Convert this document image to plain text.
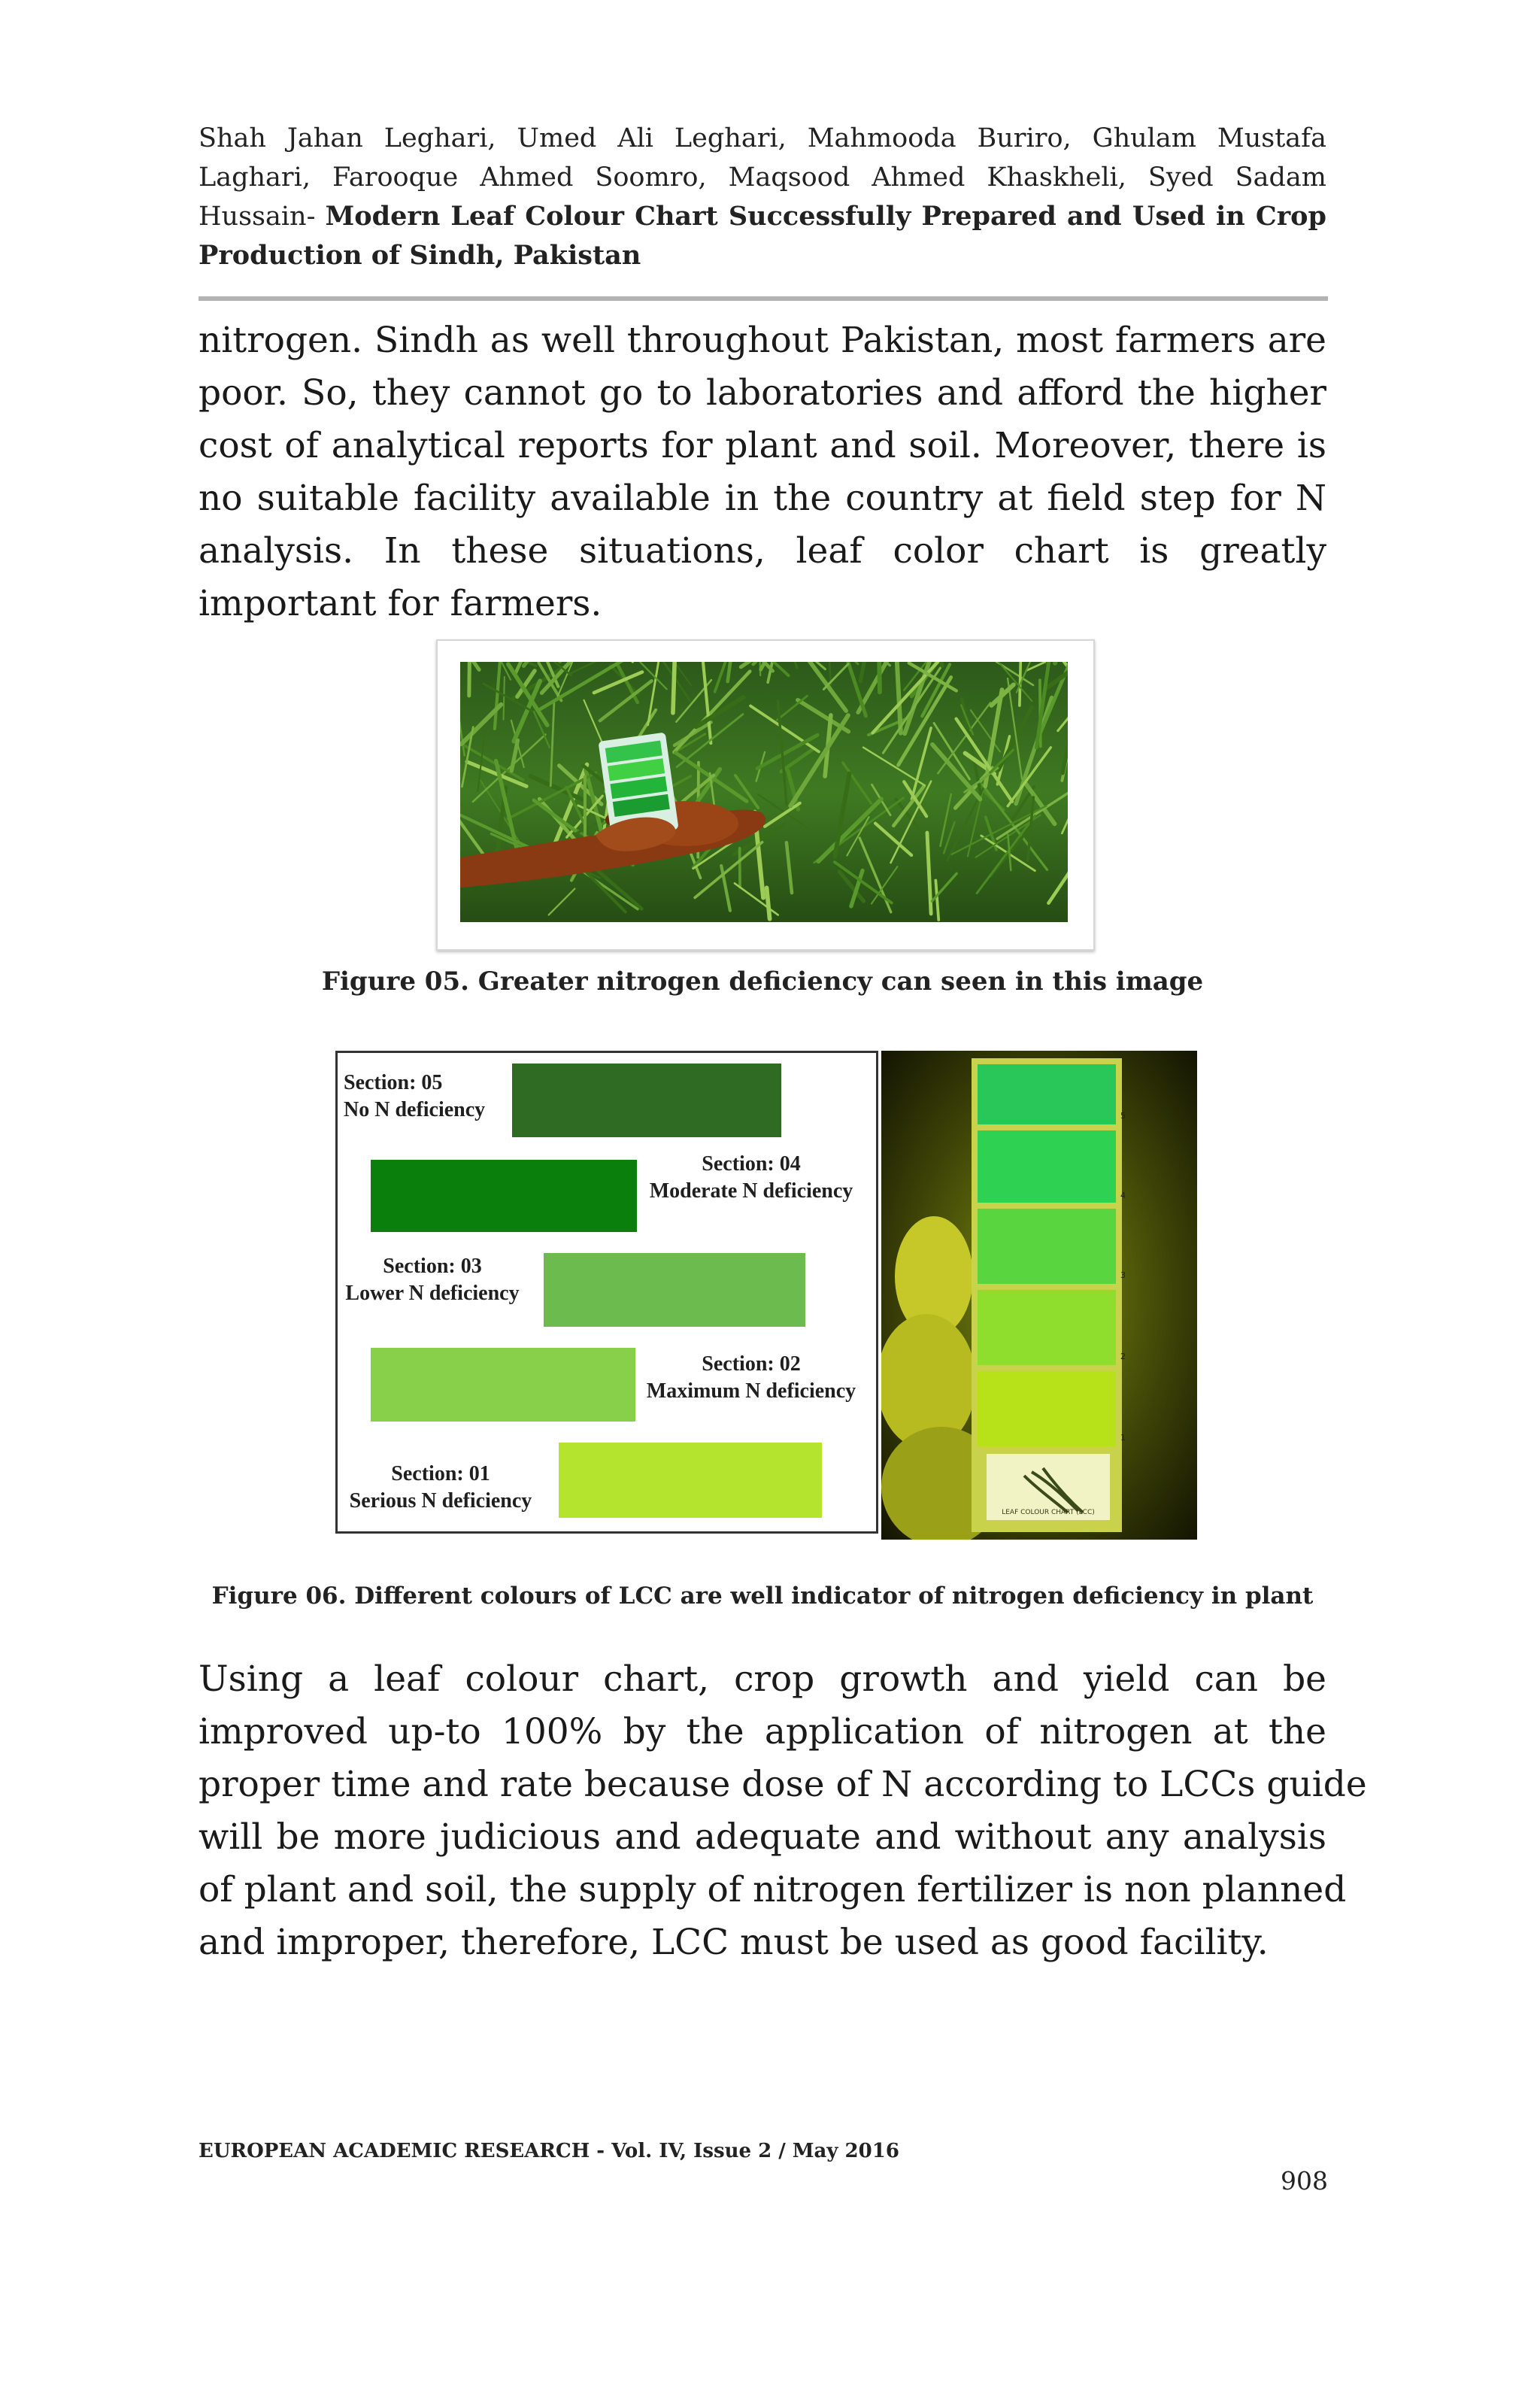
Shah Jahan Leghari, Umed Ali Leghari, Mahmooda Buriro, Ghulam Mustafa Laghari, Farooque Ahmed Soomro, Maqsood Ahmed Khaskheli, Syed Sadam Hussain- Modern Leaf Colour Chart Successfully Prepared and Used in Crop Production of Sindh, Pakistan
nitrogen. Sindh as well throughout Pakistan, most farmers are
poor. So, they cannot go to laboratories and afford the higher
cost of analytical reports for plant and soil. Moreover, there is
no suitable facility available in the country at field step for N
analysis. In these situations, leaf color chart is greatly
important for farmers.
Figure 05. Greater nitrogen deficiency can seen in this image
Section: 05
No N deficiency
Section: 04
Moderate N deficiency
Section: 03
Lower N deficiency
Section: 02
Maximum N deficiency
Section: 01
Serious N deficiency	LEAF COLOUR CHART (LCC)
5
4
3
2
1
Figure 06. Different colours of LCC are well indicator of nitrogen deficiency in plant
Using a leaf colour chart, crop growth and yield can be
improved up-to 100% by the application of nitrogen at the
proper time and rate because dose of N according to LCCs guide
will be more judicious and adequate and without any analysis
of plant and soil, the supply of nitrogen fertilizer is non planned
and improper, therefore, LCC must be used as good facility.
EUROPEAN ACADEMIC RESEARCH - Vol. IV, Issue 2 / May 2016
908
